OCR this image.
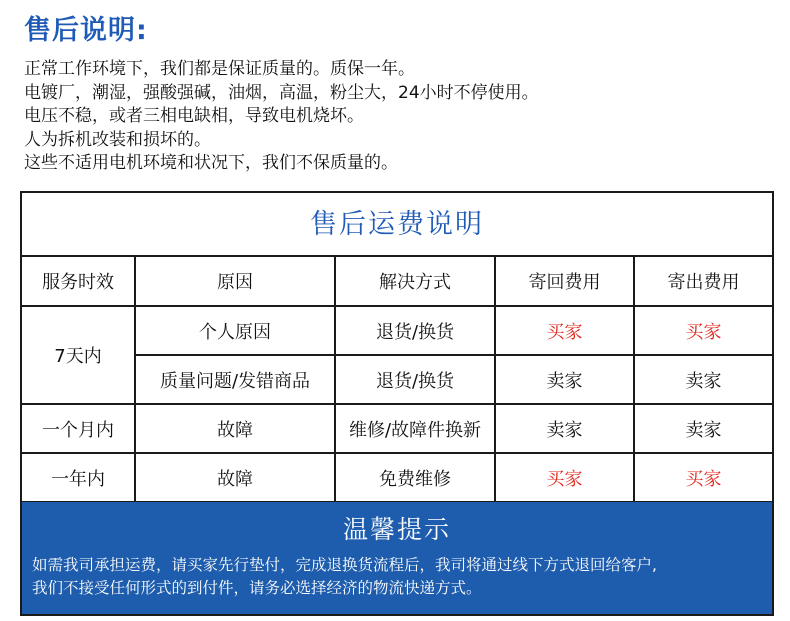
售后说明:
正常工作环境下，我们都是保证质量的。质保一年。
电镀厂，潮湿，强酸强碱，油烟，高温，粉尘大，24小时不停使用。
电压不稳，或者三相电缺相，导致电机烧坏。
人为拆机改装和损坏的。
这些不适用电机环境和状况下，我们不保质量的。
售后运费说明
服务时效	原因	解决方式	寄回费用	寄出费用
7天内	个人原因	退货/换货	买家	买家
	质量问题/发错商品	退货/换货	卖家	卖家
一个月内	故障	维修/故障件换新	卖家	卖家
一年内	故障	免费维修	买家	买家
温馨提示
如需我司承担运费，请买家先行垫付，完成退换货流程后，我司将通过线下方式退回给客户,
我们不接受任何形式的到付件，请务必选择经济的物流快递方式。
